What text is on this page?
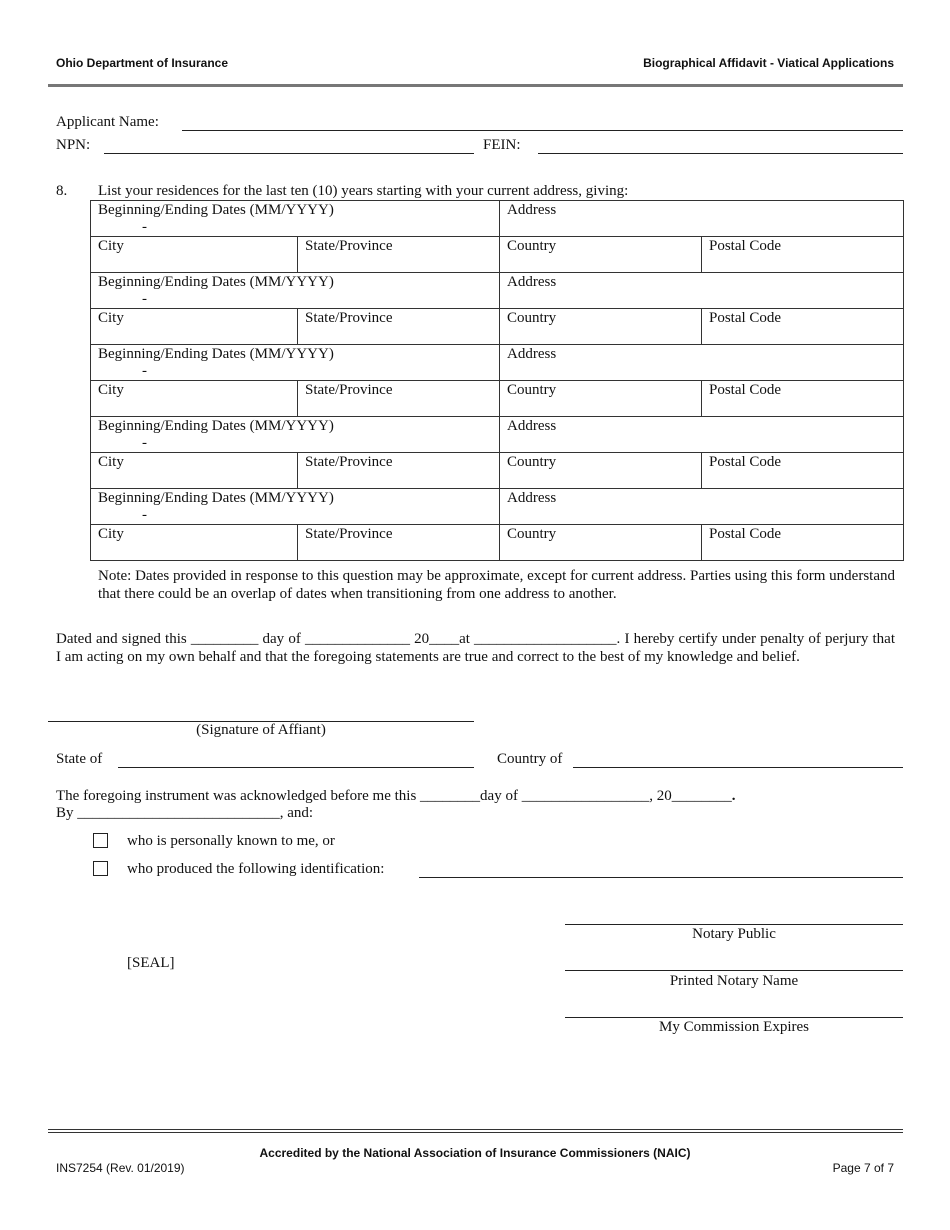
Ohio Department of Insurance	Biographical Affidavit - Viatical Applications
Applicant Name:
NPN:	FEIN:
8. List your residences for the last ten (10) years starting with your current address, giving:
Beginning/Ending Dates (MM/YYYY)
-		Address	
City	State/Province	Country	Postal Code
Beginning/Ending Dates (MM/YYYY)
-		Address	
City	State/Province	Country	Postal Code
Beginning/Ending Dates (MM/YYYY)
-		Address	
City	State/Province	Country	Postal Code
Beginning/Ending Dates (MM/YYYY)
-		Address	
City	State/Province	Country	Postal Code
Beginning/Ending Dates (MM/YYYY)
-		Address	
City	State/Province	Country	Postal Code
Note: Dates provided in response to this question may be approximate, except for current address. Parties using this form understand that there could be an overlap of dates when transitioning from one address to another.
Dated and signed this _________ day of ______________ 20____at ___________________. I hereby certify under penalty of perjury that I am acting on my own behalf and that the foregoing statements are true and correct to the best of my knowledge and belief.
(Signature of Affiant)
State of	Country of
The foregoing instrument was acknowledged before me this ________day of _________________, 20________.
By ___________________________, and:
who is personally known to me, or
who produced the following identification:
Notary Public
[SEAL]
Printed Notary Name
My Commission Expires
Accredited by the National Association of Insurance Commissioners (NAIC)
INS7254 (Rev. 01/2019)	Page 7 of 7
